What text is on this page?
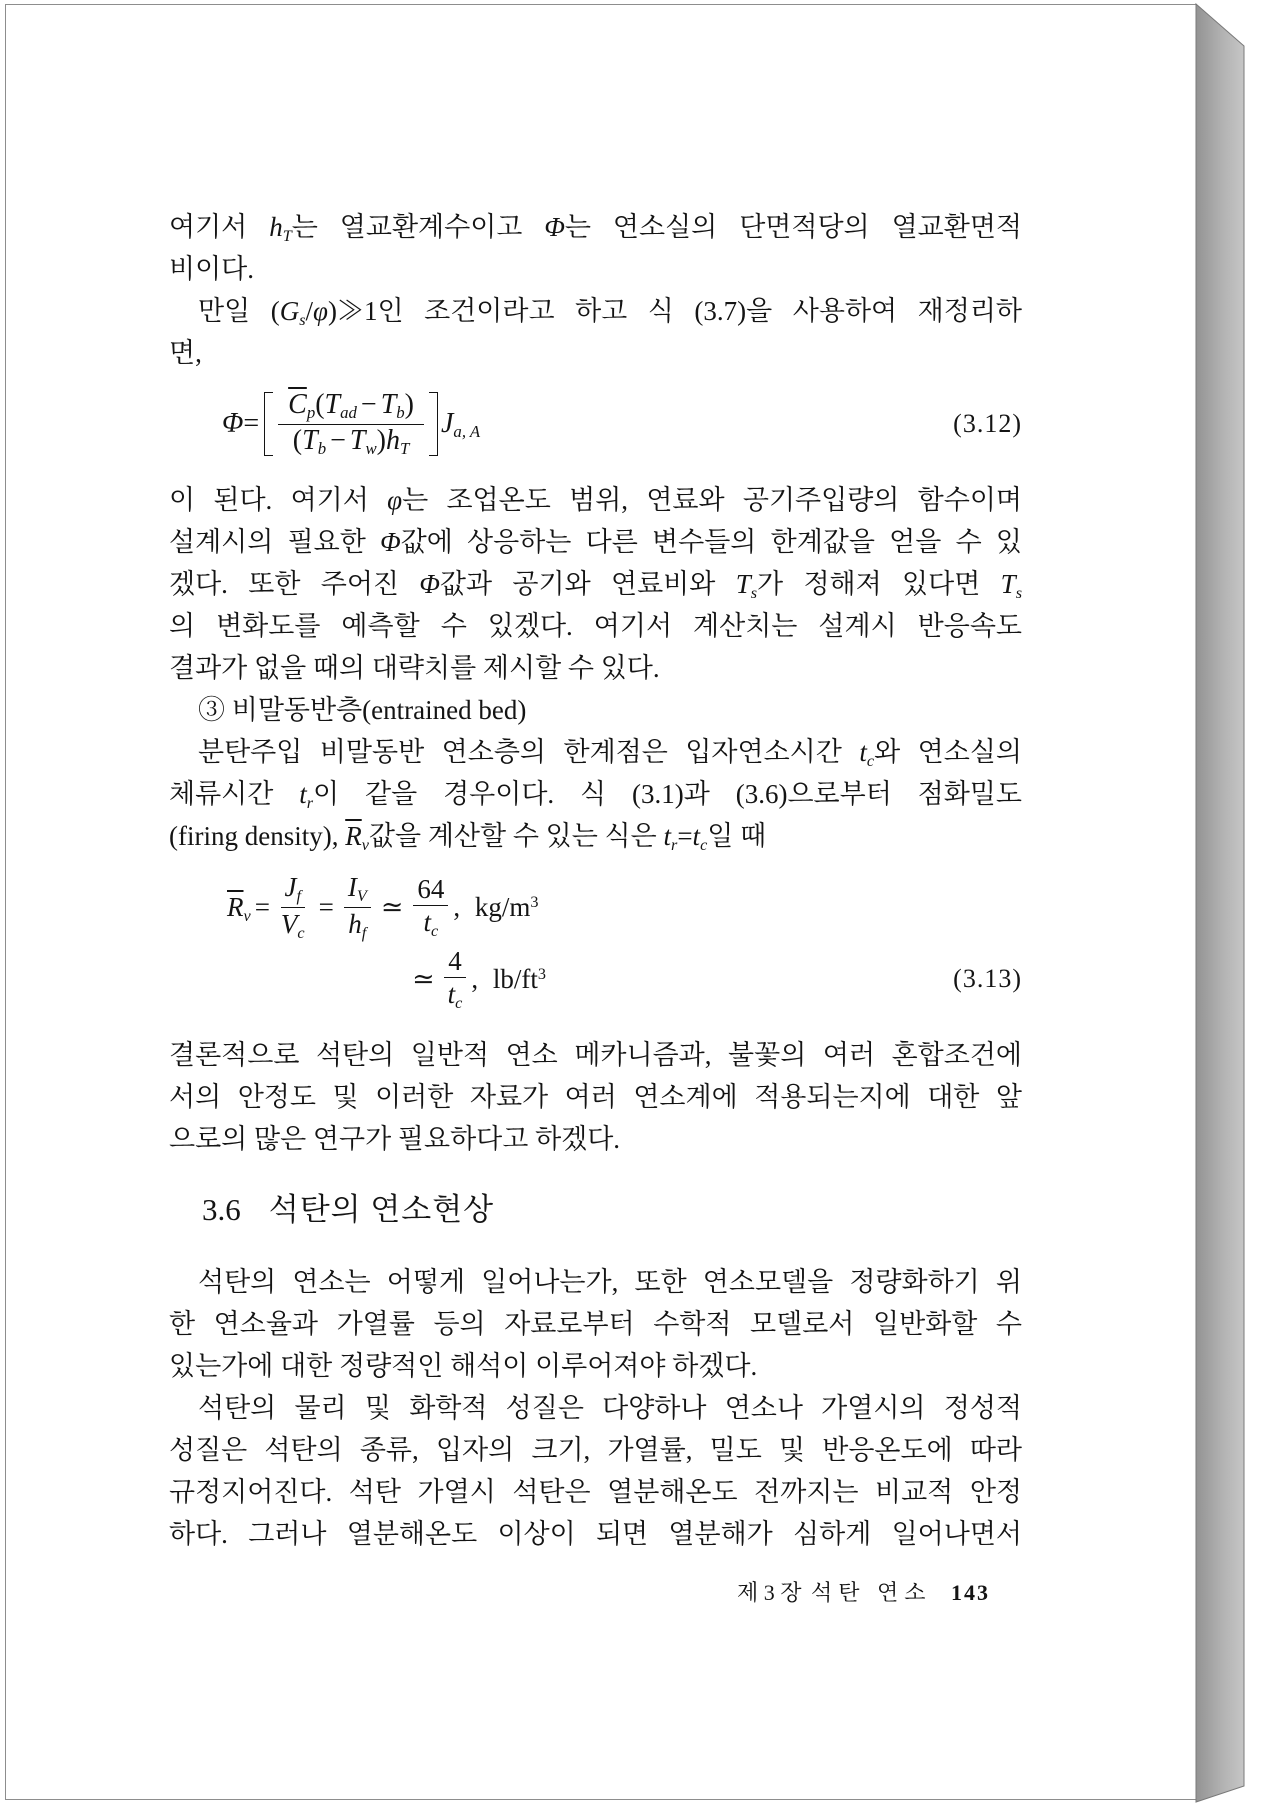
여기서 hT는 열교환계수이고 Φ는 연소실의 단면적당의 열교환면적
비이다.
만일 (Gs/φ)≫1인 조건이라고 하고 식 (3.7)을 사용하여 재정리하
면,
$\Phi = \frac{\overline{C}p(Tad - Tb)}{(Tb - Tw)hT} Ja$, A	(3.12)
이 된다. 여기서 φ는 조업온도 범위, 연료와 공기주입량의 함수이며
설계시의 필요한 Φ값에 상응하는 다른 변수들의 한계값을 얻을 수 있
겠다. 또한 주어진 Φ값과 공기와 연료비와 Ts가 정해져 있다면 Ts
의 변화도를 예측할 수 있겠다. 여기서 계산치는 설계시 반응속도
결과가 없을 때의 대략치를 제시할 수 있다.
③ 비말동반층(entrained bed)
분탄주입 비말동반 연소층의 한계점은 입자연소시간 tc와 연소실의
체류시간 tr이 같을 경우이다. 식 (3.1)과 (3.6)으로부터 점화밀도
(firing density), $\overline{R}v$값을 계산할 수 있는 식은 tr=tc일 때
$\overline{R}v = \frac{Jf}{Vc} = \frac{IV}{hf}$ ≃ $\frac{64}{tc}$ , $kg/m^3$
≃ $\frac{4}{tc}$ , $lb/ft^3$	(3.13)
결론적으로 석탄의 일반적 연소 메카니즘과, 불꽃의 여러 혼합조건에
서의 안정도 및 이러한 자료가 여러 연소계에 적용되는지에 대한 앞
으로의 많은 연구가 필요하다고 하겠다.
3.6 석탄의 연소현상
석탄의 연소는 어떻게 일어나는가, 또한 연소모델을 정량화하기 위
한 연소율과 가열률 등의 자료로부터 수학적 모델로서 일반화할 수
있는가에 대한 정량적인 해석이 이루어져야 하겠다.
석탄의 물리 및 화학적 성질은 다양하나 연소나 가열시의 정성적
성질은 석탄의 종류, 입자의 크기, 가열률, 밀도 및 반응온도에 따라
규정지어진다. 석탄 가열시 석탄은 열분해온도 전까지는 비교적 안정
하다. 그러나 열분해온도 이상이 되면 열분해가 심하게 일어나면서
제 3 장 석탄 연소 143
